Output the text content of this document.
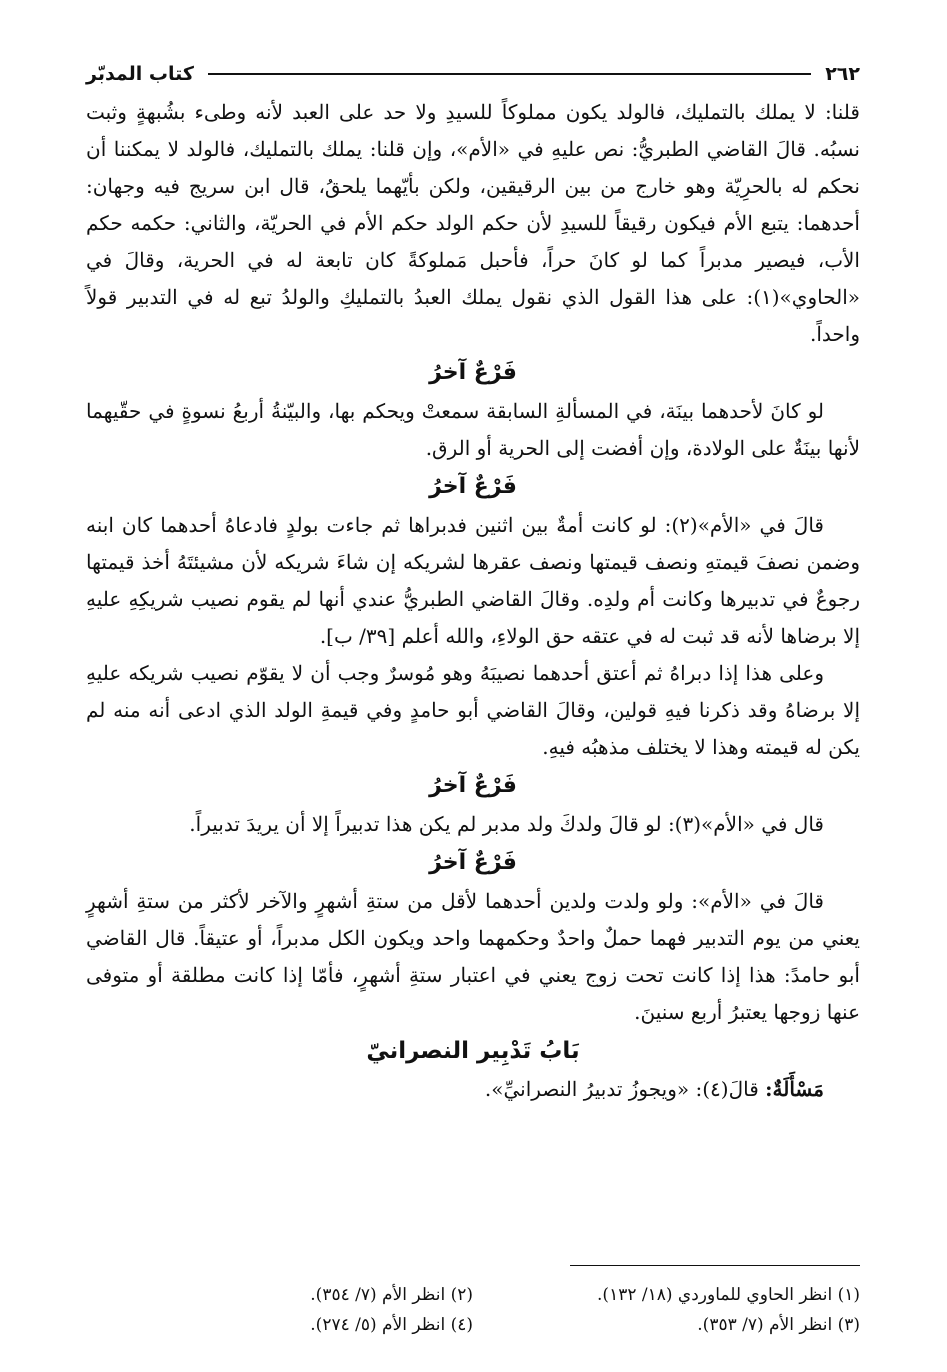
٢٦٢
كتاب المدبّر

قلنا: لا يملك بالتمليك، فالولد يكون مملوكاً للسيدِ ولا حد على العبد لأنه وطىء بشُبهةٍ وثبت نسبُه. قالَ القاضي الطبريُّ: نص عليهِ في «الأم»، وإن قلنا: يملك بالتمليك، فالولد لا يمكننا أن نحكم له بالحرِيّة وهو خارج من بين الرقيقين، ولكن بأيّهما يلحقُ، قال ابن سريج فيه وجهان: أحدهما: يتبع الأم فيكون رقيقاً للسيدِ لأن حكم الولد حكم الأم في الحريّة، والثاني: حكمه حكم الأب، فيصير مدبراً كما لو كانَ حراً، فأحبل مَملوكةً كان تابعة له في الحرية، وقالَ في «الحاوي»(١): على هذا القول الذي نقول يملك العبدُ بالتمليكِ والولدُ تبع له في التدبير قولاً واحداً.

فَرْعٌ آخرُ

لو كانَ لأحدهما بينَة، في المسألةِ السابقة سمعتْ ويحكم بها، والبيّنةُ أربعُ نسوةٍ في حقّيهما لأنها بينَةٌ على الولادة، وإن أفضت إلى الحرية أو الرق.

فَرْعٌ آخرُ

قالَ في «الأم»(٢): لو كانت أمةٌ بين اثنين فدبراها ثم جاءت بولدٍ فادعاهُ أحدهما كان ابنه وضمن نصفَ قيمتهِ ونصف قيمتها ونصف عقرها لشريكه إن شاءَ شريكه لأن مشيئتَهُ أخذ قيمتها رجوعٌ في تدبيرها وكانت أم ولدِه. وقالَ القاضي الطبريُّ عندي أنها لم يقوم نصيب شريكِهِ عليهِ إلا برضاها لأنه قد ثبت له في عتقه حق الولاءِ، والله أعلم [٣٩/ ب].

وعلى هذا إذا دبراهُ ثم أعتق أحدهما نصيبَهُ وهو مُوسرٌ وجب أن لا يقوّم نصيب شريكه عليهِ إلا برضاهُ وقد ذكرنا فيهِ قولين، وقالَ القاضي أبو حامدٍ وفي قيمةِ الولد الذي ادعى أنه منه لم يكن له قيمته وهذا لا يختلف مذهبُه فيهِ.

فَرْعٌ آخرُ

قال في «الأم»(٣): لو قالَ ولدكَ ولد مدبر لم يكن هذا تدبيراً إلا أن يريدَ تدبيراً.

فَرْعٌ آخرُ

قالَ في «الأم»: ولو ولدت ولدين أحدهما لأقل من ستةِ أشهرٍ والآخر لأكثر من ستةِ أشهرٍ يعني من يوم التدبير فهما حملٌ واحدٌ وحكمهما واحد ويكون الكل مدبراً، أو عتيقاً. قال القاضي أبو حامدً: هذا إذا كانت تحت زوج يعني في اعتبار ستةِ أشهرٍ، فأمّا إذا كانت مطلقة أو متوفى عنها زوجها يعتبرُ أربع سنينَ.

بَابُ تَدْبِير النصرانيّ

مَسْأَلَةٌ: قالَ(٤): «ويجوزُ تدبيرُ النصرانيِّ».

(١) انظر الحاوي للماوردي (١٨/ ١٣٢).
(٢) انظر الأم (٧/ ٣٥٤).
(٣) انظر الأم (٧/ ٣٥٣).
(٤) انظر الأم (٥/ ٢٧٤).
